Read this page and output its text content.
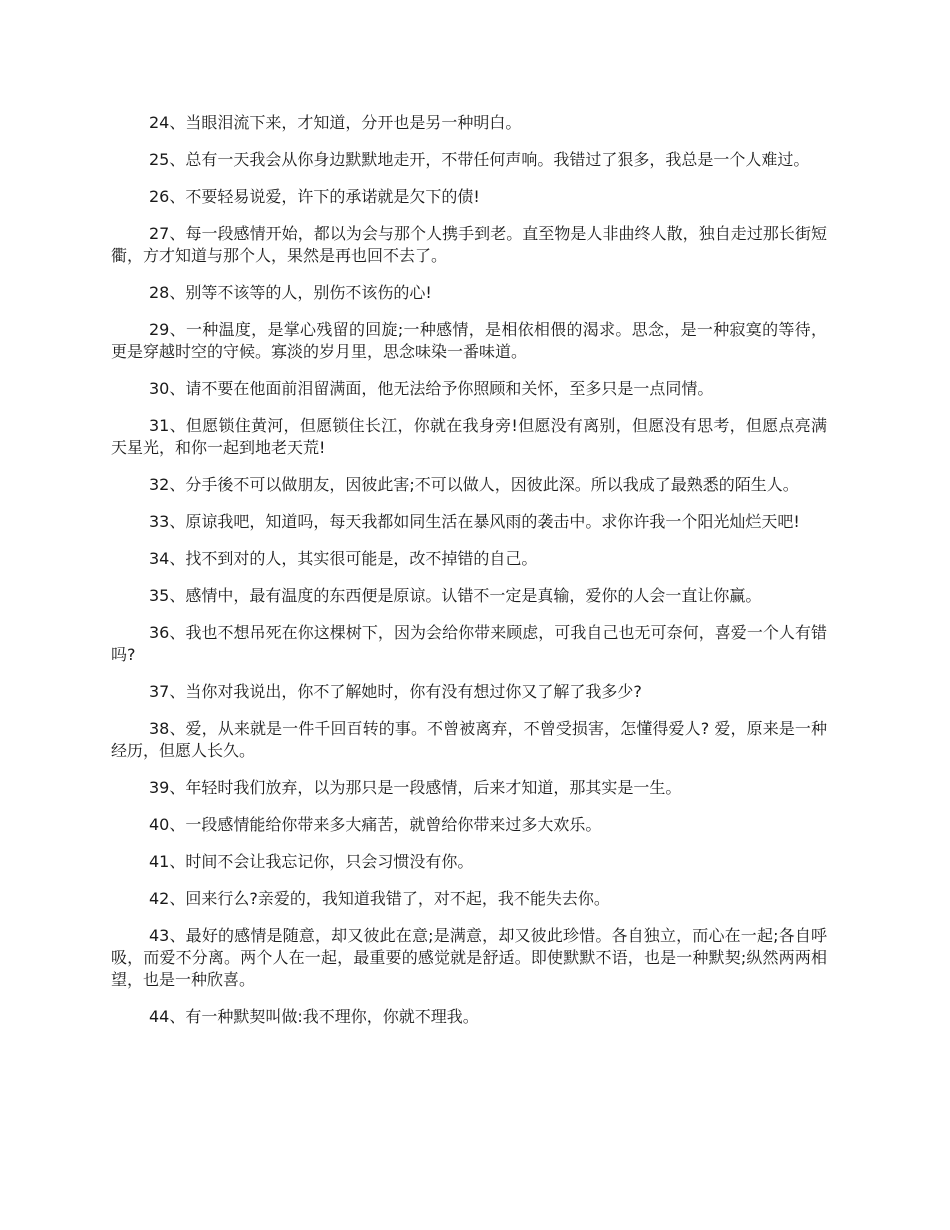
24、当眼泪流下来，才知道，分开也是另一种明白。

25、总有一天我会从你身边默默地走开，不带任何声响。我错过了狠多，我总是一个人难过。

26、不要轻易说爱，许下的承诺就是欠下的债!

27、每一段感情开始，都以为会与那个人携手到老。直至物是人非曲终人散，独自走过那长街短衢，方才知道与那个人，果然是再也回不去了。

28、别等不该等的人，别伤不该伤的心!

29、一种温度，是掌心残留的回旋;一种感情，是相依相偎的渴求。思念，是一种寂寞的等待，更是穿越时空的守候。寡淡的岁月里，思念味染一番味道。

30、请不要在他面前泪留满面，他无法给予你照顾和关怀，至多只是一点同情。

31、但愿锁住黄河，但愿锁住长江，你就在我身旁!但愿没有离别，但愿没有思考，但愿点亮满天星光，和你一起到地老天荒!

32、分手後不可以做朋友，因彼此害;不可以做人，因彼此深。所以我成了最熟悉的陌生人。

33、原谅我吧，知道吗，每天我都如同生活在暴风雨的袭击中。求你许我一个阳光灿烂天吧!

34、找不到对的人，其实很可能是，改不掉错的自己。

35、感情中，最有温度的东西便是原谅。认错不一定是真输，爱你的人会一直让你赢。

36、我也不想吊死在你这棵树下，因为会给你带来顾虑，可我自己也无可奈何，喜爱一个人有错吗?

37、当你对我说出，你不了解她时，你有没有想过你又了解了我多少?

38、爱，从来就是一件千回百转的事。不曾被离弃，不曾受损害，怎懂得爱人? 爱，原来是一种经历，但愿人长久。

39、年轻时我们放弃，以为那只是一段感情，后来才知道，那其实是一生。

40、一段感情能给你带来多大痛苦，就曾给你带来过多大欢乐。

41、时间不会让我忘记你，只会习惯没有你。

42、回来行么?亲爱的，我知道我错了，对不起，我不能失去你。

43、最好的感情是随意，却又彼此在意;是满意，却又彼此珍惜。各自独立，而心在一起;各自呼吸，而爱不分离。两个人在一起，最重要的感觉就是舒适。即使默默不语，也是一种默契;纵然两两相望，也是一种欣喜。

44、有一种默契叫做:我不理你，你就不理我。
